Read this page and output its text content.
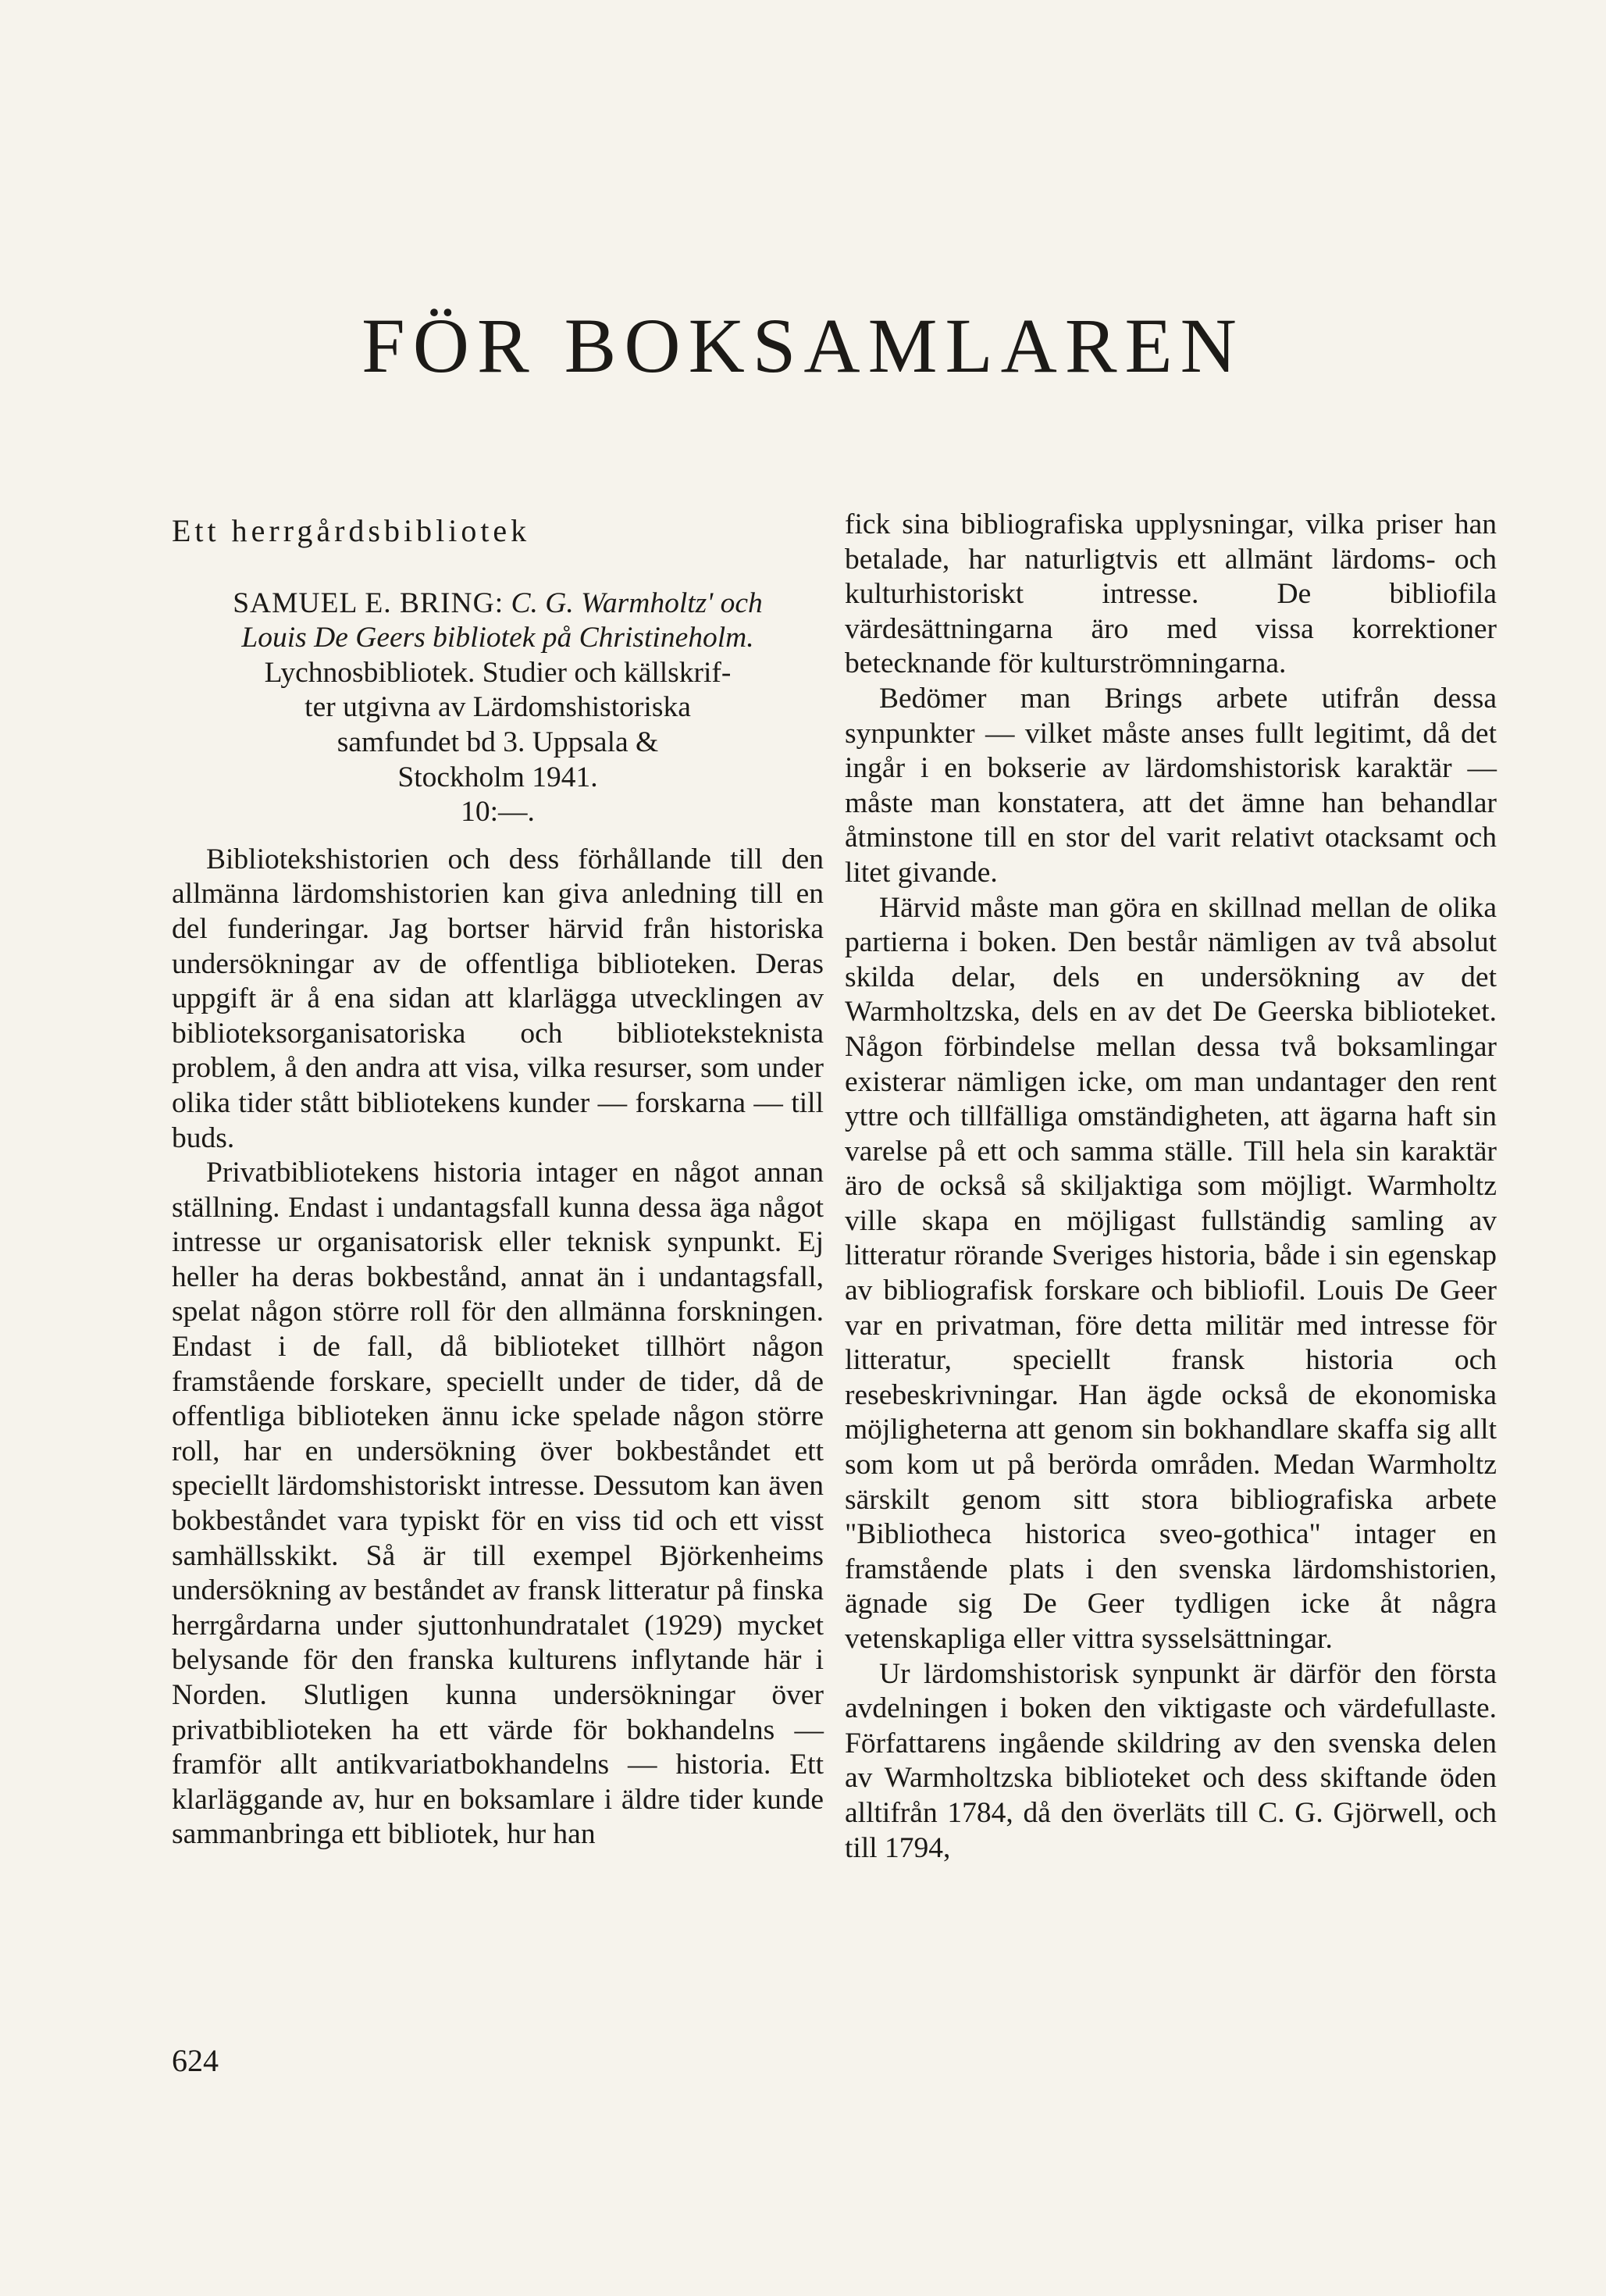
FÖR BOKSAMLAREN
Ett herrgårdsbibliotek
SAMUEL E. BRING: C. G. Warmholtz' och
Louis De Geers bibliotek på Christineholm.
Lychnosbibliotek. Studier och källskrif-
ter utgivna av Lärdomshistoriska
samfundet bd 3. Uppsala &
Stockholm 1941.
10:—.

Bibliotekshistorien och dess förhållande till den allmänna lärdomshistorien kan giva anledning till en del funderingar. Jag bortser härvid från historiska undersökningar av de offentliga biblioteken. Deras uppgift är å ena sidan att klarlägga utvecklingen av biblioteksorganisatoriska och biblioteksteknista problem, å den andra att visa, vilka resurser, som under olika tider stått bibliotekens kunder — forskarna — till buds.

Privatbibliotekens historia intager en något annan ställning. Endast i undantagsfall kunna dessa äga något intresse ur organisatorisk eller teknisk synpunkt. Ej heller ha deras bokbestånd, annat än i undantagsfall, spelat någon större roll för den allmänna forskningen. Endast i de fall, då biblioteket tillhört någon framstående forskare, speciellt under de tider, då de offentliga biblioteken ännu icke spelade någon större roll, har en undersökning över bokbeståndet ett speciellt lärdomshistoriskt intresse. Dessutom kan även bokbeståndet vara typiskt för en viss tid och ett visst samhällsskikt. Så är till exempel Björkenheims undersökning av beståndet av fransk litteratur på finska herrgårdarna under sjuttonhundratalet (1929) mycket belysande för den franska kulturens inflytande här i Norden. Slutligen kunna undersökningar över privatbiblioteken ha ett värde för bokhandelns — framför allt antikvariatbokhandelns — historia. Ett klarläggande av, hur en boksamlare i äldre tider kunde sammanbringa ett bibliotek, hur han

fick sina bibliografiska upplysningar, vilka priser han betalade, har naturligtvis ett allmänt lärdoms- och kulturhistoriskt intresse. De bibliofila värdesättningarna äro med vissa korrektioner betecknande för kulturströmningarna.

Bedömer man Brings arbete utifrån dessa synpunkter — vilket måste anses fullt legitimt, då det ingår i en bokserie av lärdomshistorisk karaktär — måste man konstatera, att det ämne han behandlar åtminstone till en stor del varit relativt otacksamt och litet givande.

Härvid måste man göra en skillnad mellan de olika partierna i boken. Den består nämligen av två absolut skilda delar, dels en undersökning av det Warmholtzska, dels en av det De Geerska biblioteket. Någon förbindelse mellan dessa två boksamlingar existerar nämligen icke, om man undantager den rent yttre och tillfälliga omständigheten, att ägarna haft sin varelse på ett och samma ställe. Till hela sin karaktär äro de också så skiljaktiga som möjligt. Warmholtz ville skapa en möjligast fullständig samling av litteratur rörande Sveriges historia, både i sin egenskap av bibliografisk forskare och bibliofil. Louis De Geer var en privatman, före detta militär med intresse för litteratur, speciellt fransk historia och resebeskrivningar. Han ägde också de ekonomiska möjligheterna att genom sin bokhandlare skaffa sig allt som kom ut på berörda områden. Medan Warmholtz särskilt genom sitt stora bibliografiska arbete "Bibliotheca historica sveo-gothica" intager en framstående plats i den svenska lärdomshistorien, ägnade sig De Geer tydligen icke åt några vetenskapliga eller vittra sysselsättningar.

Ur lärdomshistorisk synpunkt är därför den första avdelningen i boken den viktigaste och värdefullaste. Författarens ingående skildring av den svenska delen av Warmholtzska biblioteket och dess skiftande öden alltifrån 1784, då den överläts till C. G. Gjörwell, och till 1794,

624
